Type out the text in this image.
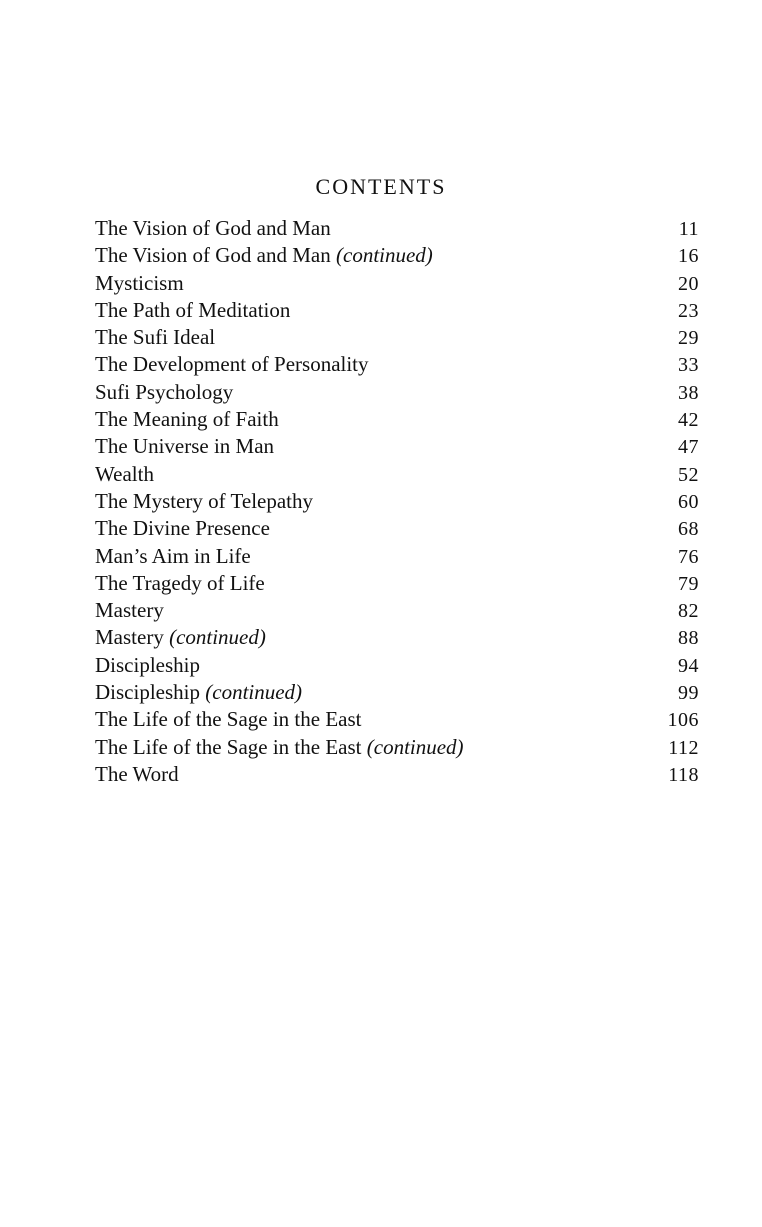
CONTENTS
The Vision of God and Man	11
The Vision of God and Man (continued)	16
Mysticism	20
The Path of Meditation	23
The Sufi Ideal	29
The Development of Personality	33
Sufi Psychology	38
The Meaning of Faith	42
The Universe in Man	47
Wealth	52
The Mystery of Telepathy	60
The Divine Presence	68
Man’s Aim in Life	76
The Tragedy of Life	79
Mastery	82
Mastery (continued)	88
Discipleship	94
Discipleship (continued)	99
The Life of the Sage in the East	106
The Life of the Sage in the East (continued)	112
The Word	118
